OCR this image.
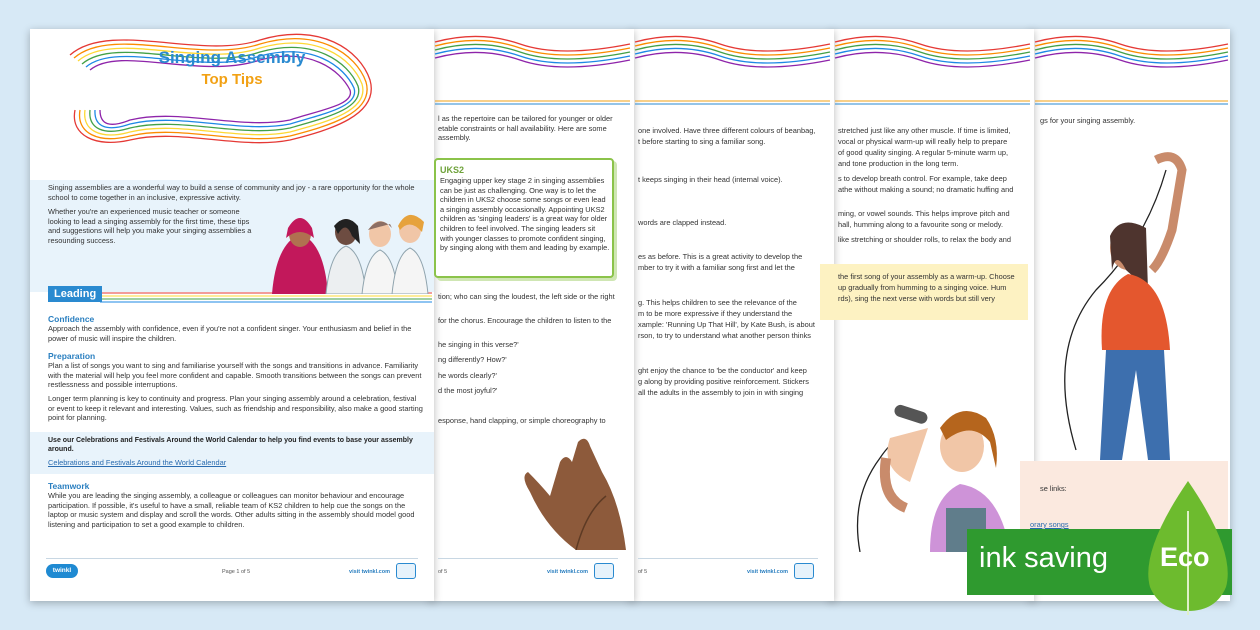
Singing Assembly
Top Tips
Singing assemblies are a wonderful way to build a sense of community and joy - a rare opportunity for the whole school to come together in an inclusive, expressive activity.
Whether you're an experienced music teacher or someone looking to lead a singing assembly for the first time, these tips and suggestions will help you make your singing assemblies a resounding success.
Leading
Confidence
Approach the assembly with confidence, even if you're not a confident singer. Your enthusiasm and belief in the power of music will inspire the children.
Preparation
Plan a list of songs you want to sing and familiarise yourself with the songs and transitions in advance. Familiarity with the material will help you feel more confident and capable. Smooth transitions between the songs can prevent restlessness and possible interruptions.
Longer term planning is key to continuity and progress. Plan your singing assembly around a celebration, festival or event to keep it relevant and interesting. Values, such as friendship and responsibility, also make a good starting point for planning.
Use our Celebrations and Festivals Around the World Calendar to help you find events to base your assembly around.
Celebrations and Festivals Around the World Calendar
Teamwork
While you are leading the singing assembly, a colleague or colleagues can monitor behaviour and encourage participation. If possible, it's useful to have a small, reliable team of KS2 children to help cue the songs on the laptop or music system and display and scroll the words. Other adults sitting in the assembly should model good listening and participation to set a good example to children.
twinkl	Page 1 of 5	visit twinkl.com
l as the repertoire can be tailored for younger or older etable constraints or hall availability. Here are some assembly.
UKS2
Engaging upper key stage 2 in singing assemblies can be just as challenging. One way is to let the children in UKS2 choose some songs or even lead a singing assembly occasionally. Appointing UKS2 children as 'singing leaders' is a great way for older children to feel involved. The singing leaders sit with younger classes to promote confident singing, by singing along with them and leading by example.
tion; who can sing the loudest, the left side or the right
for the chorus. Encourage the children to listen to the
he singing in this verse?'
ng differently? How?'
he words clearly?'
d the most joyful?'
esponse, hand clapping, or simple choreography to
of 5	visit twinkl.com
one involved. Have three different colours of beanbag,
t before starting to sing a familiar song.
t keeps singing in their head (internal voice).
words are clapped instead.
es as before. This is a great activity to develop the
mber to try it with a familiar song first and let the
g. This helps children to see the relevance of the
m to be more expressive if they understand the
xample: 'Running Up That Hill', by Kate Bush, is about
rson, to try to understand what another person thinks
ght enjoy the chance to 'be the conductor' and keep
g along by providing positive reinforcement. Stickers
all the adults in the assembly to join in with singing
of 5	visit twinkl.com
stretched just like any other muscle. If time is limited,
vocal or physical warm-up will really help to prepare
of good quality singing. A regular 5-minute warm up,
and tone production in the long term.
s to develop breath control. For example, take deep
athe without making a sound; no dramatic huffing and
ming, or vowel sounds. This helps improve pitch and
hall, humming along to a favourite song or melody.
like stretching or shoulder rolls, to relax the body and
the first song of your assembly as a warm-up. Choose
up gradually from humming to a singing voice. Hum
rds), sing the next verse with words but still very
gs for your singing assembly.
se links:
orary songs
ink saving Eco
